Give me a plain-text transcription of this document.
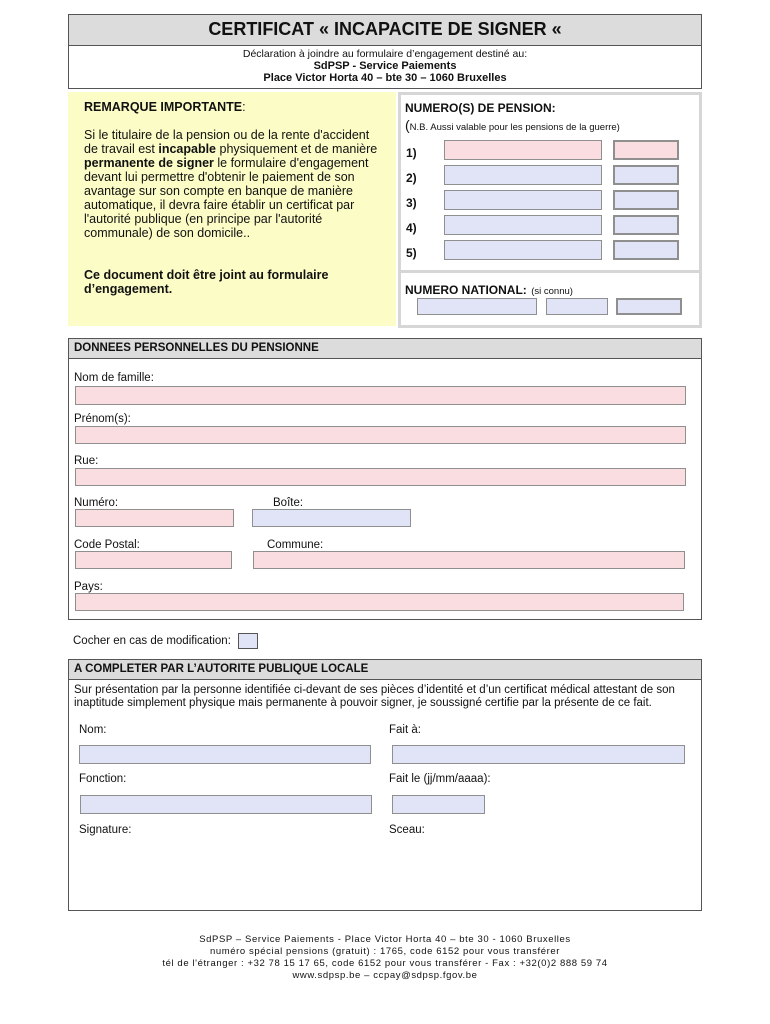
CERTIFICAT « INCAPACITE DE SIGNER «
Déclaration à joindre au formulaire d’engagement destiné au:
SdPSP - Service Paiements
Place Victor Horta 40 – bte 30 – 1060 Bruxelles
REMARQUE IMPORTANTE:
Si le titulaire de la pension ou de la rente d'accident de travail est incapable physiquement et de manière permanente de signer le formulaire d'engagement devant lui permettre d'obtenir le paiement de son avantage sur son compte en banque de manière automatique, il devra faire établir un certificat par l'autorité publique (en principe par l'autorité communale) de son domicile..
Ce document doit être joint au formulaire d’engagement.
NUMERO(S) DE PENSION:
(N.B. Aussi valable pour les pensions de la guerre)
1)
2)
3)
4)
5)
NUMERO NATIONAL: (si connu)
DONNEES PERSONNELLES DU PENSIONNE
Nom de famille:
Prénom(s):
Rue:
Numéro:	Boîte:
Code Postal:	Commune:
Pays:
Cocher en cas de modification:
A COMPLETER PAR L’AUTORITE PUBLIQUE LOCALE
Sur présentation par la personne identifiée ci-devant de ses pièces d’identité et d’un certificat médical attestant de son inaptitude simplement physique mais permanente à pouvoir signer, je soussigné certifie par la présente de ce fait.
Nom:	Fait à:
Fonction:	Fait le (jj/mm/aaaa):
Signature:	Sceau:
SdPSP – Service Paiements - Place Victor Horta 40 – bte 30 - 1060 Bruxelles
numéro spécial pensions (gratuit) : 1765, code 6152 pour vous transférer
tél de l'étranger : +32 78 15 17 65, code 6152 pour vous transférer - Fax : +32(0)2 888 59 74
www.sdpsp.be – ccpay@sdpsp.fgov.be
